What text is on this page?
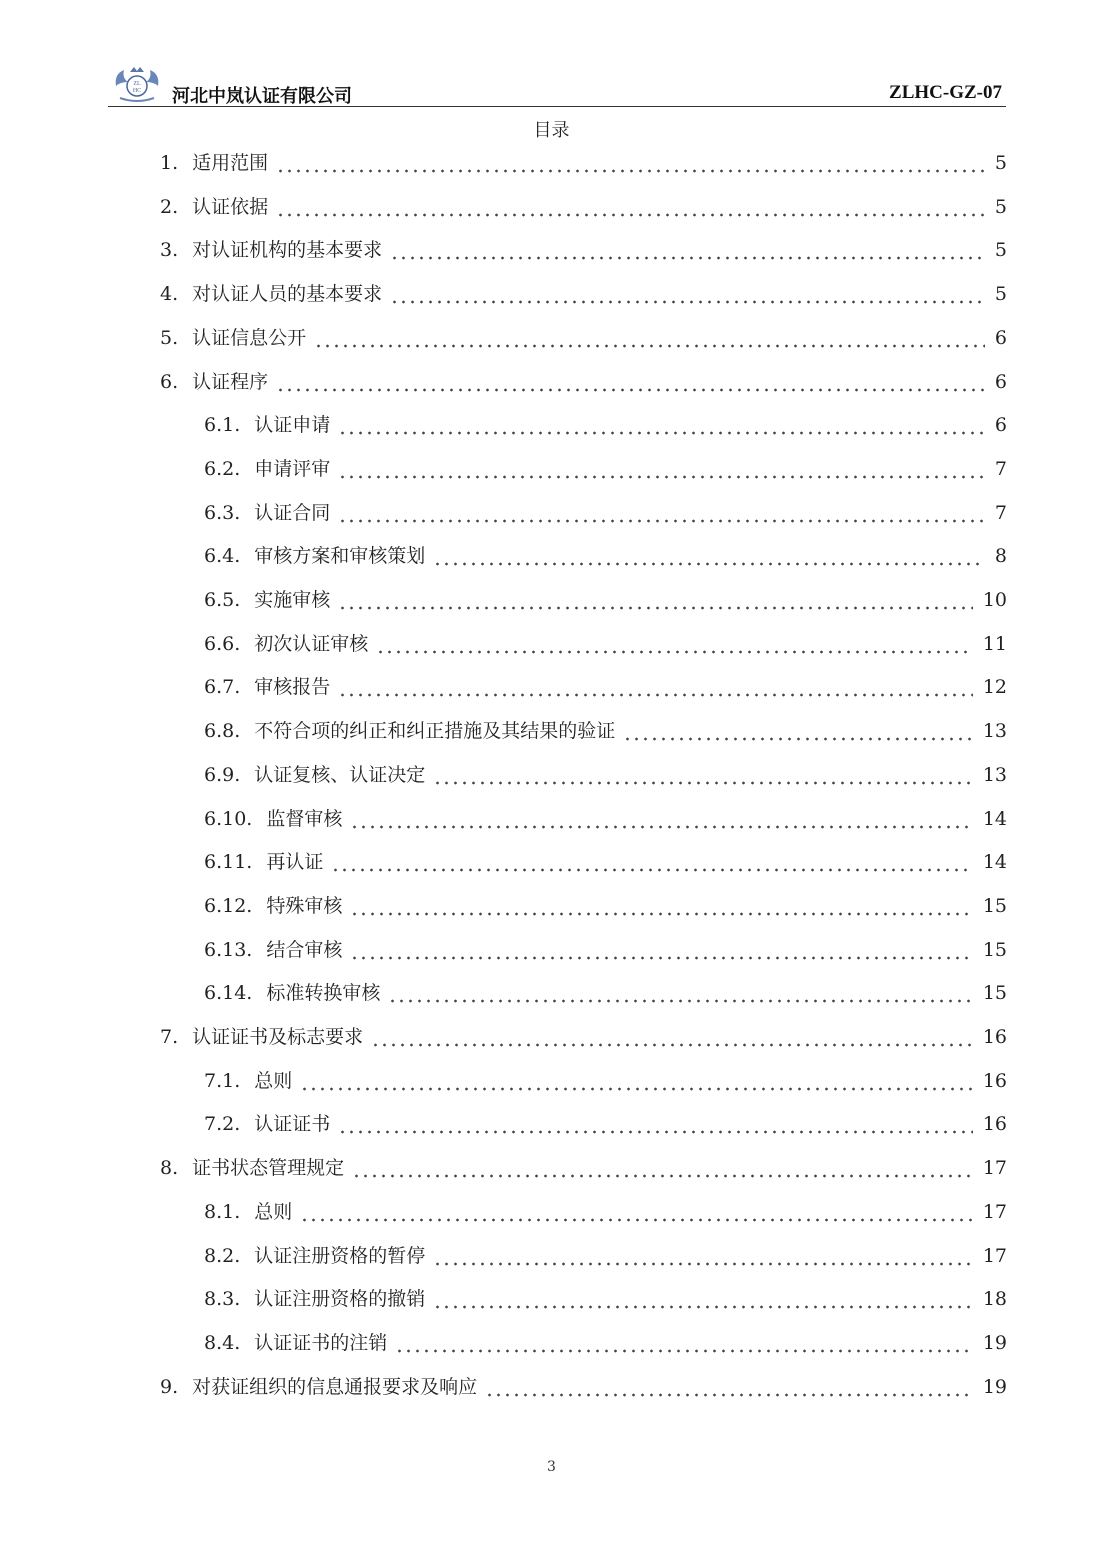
ZL
HC 河北中岚认证有限公司	ZLHC-GZ-07
目录
1. 适用范围	5
2. 认证依据	5
3. 对认证机构的基本要求	5
4. 对认证人员的基本要求	5
5. 认证信息公开	6
6. 认证程序	6
6.1. 认证申请	6
6.2. 申请评审	7
6.3. 认证合同	7
6.4. 审核方案和审核策划	8
6.5. 实施审核	10
6.6. 初次认证审核	11
6.7. 审核报告	12
6.8. 不符合项的纠正和纠正措施及其结果的验证	13
6.9. 认证复核、认证决定	13
6.10. 监督审核	14
6.11. 再认证	14
6.12. 特殊审核	15
6.13. 结合审核	15
6.14. 标准转换审核	15
7. 认证证书及标志要求	16
7.1. 总则	16
7.2. 认证证书	16
8. 证书状态管理规定	17
8.1. 总则	17
8.2. 认证注册资格的暂停	17
8.3. 认证注册资格的撤销	18
8.4. 认证证书的注销	19
9. 对获证组织的信息通报要求及响应	19
3
